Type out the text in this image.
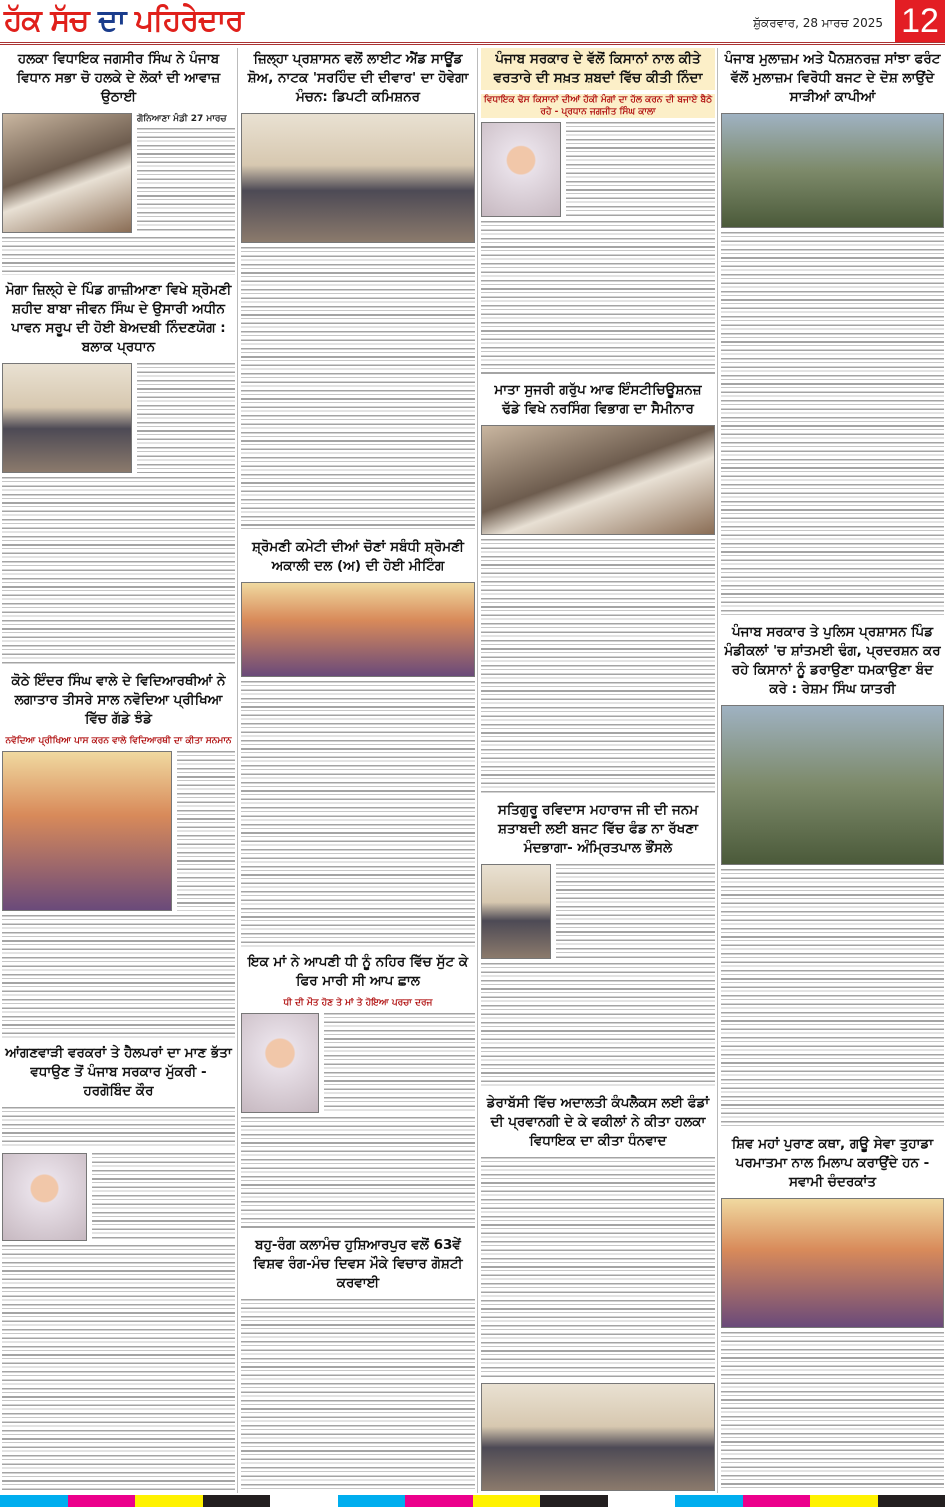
ਹੱਕ ਸੱਚ ਦਾ ਪਹਿਰੇਦਾਰ	ਸ਼ੁੱਕਰਵਾਰ, 28 ਮਾਰਚ 2025 12
ਹਲਕਾ ਵਿਧਾਇਕ ਜਗਸੀਰ ਸਿੰਘ ਨੇ ਪੰਜਾਬ ਵਿਧਾਨ ਸਭਾ ਚੋ ਹਲਕੇ ਦੇ ਲੋਕਾਂ ਦੀ ਆਵਾਜ਼ ਉਠਾਈ
ਗੋਨਿਆਣਾ ਮੰਡੀ 27 ਮਾਰਚ
ਮੋਗਾ ਜ਼ਿਲ੍ਹੇ ਦੇ ਪਿੰਡ ਗਾਜ਼ੀਆਣਾ ਵਿਖੇ ਸ਼੍ਰੋਮਣੀ ਸ਼ਹੀਦ ਬਾਬਾ ਜੀਵਨ ਸਿੰਘ ਦੇ ਉਸਾਰੀ ਅਧੀਨ ਪਾਵਨ ਸਰੂਪ ਦੀ ਹੋਈ ਬੇਅਦਬੀ ਨਿੰਦਣਯੋਗ : ਬਲਾਕ ਪ੍ਰਧਾਨ
ਕੋਠੇ ਇੰਦਰ ਸਿੰਘ ਵਾਲੇ ਦੇ ਵਿਦਿਆਰਥੀਆਂ ਨੇ ਲਗਾਤਾਰ ਤੀਸਰੇ ਸਾਲ ਨਵੋਦਿਆ ਪ੍ਰੀਖਿਆ ਵਿੱਚ ਗੱਡੇ ਝੰਡੇ
ਨਵੋਦਿਆ ਪ੍ਰੀਖਿਆ ਪਾਸ ਕਰਨ ਵਾਲੇ ਵਿਦਿਆਰਥੀ ਦਾ ਕੀਤਾ ਸਨਮਾਨ
ਆਂਗਣਵਾੜੀ ਵਰਕਰਾਂ ਤੇ ਹੈਲਪਰਾਂ ਦਾ ਮਾਣ ਭੱਤਾ ਵਧਾਉਣ ਤੋਂ ਪੰਜਾਬ ਸਰਕਾਰ ਮੁੱਕਰੀ - ਹਰਗੋਬਿੰਦ ਕੌਰ
ਜ਼ਿਲ੍ਹਾ ਪ੍ਰਸ਼ਾਸਨ ਵਲੋਂ ਲਾਈਟ ਐਂਡ ਸਾਊਂਡ ਸ਼ੋਅ, ਨਾਟਕ 'ਸਰਹਿੰਦ ਦੀ ਦੀਵਾਰ' ਦਾ ਹੋਵੇਗਾ ਮੰਚਨ: ਡਿਪਟੀ ਕਮਿਸ਼ਨਰ
ਸ਼੍ਰੋਮਣੀ ਕਮੇਟੀ ਦੀਆਂ ਚੋਣਾਂ ਸਬੰਧੀ ਸ਼੍ਰੋਮਣੀ ਅਕਾਲੀ ਦਲ (ਅ) ਦੀ ਹੋਈ ਮੀਟਿੰਗ
ਇਕ ਮਾਂ ਨੇ ਆਪਣੀ ਧੀ ਨੂੰ ਨਹਿਰ ਵਿੱਚ ਸੁੱਟ ਕੇ ਫਿਰ ਮਾਰੀ ਸੀ ਆਪ ਛਾਲ
ਧੀ ਦੀ ਮੌਤ ਹੋਣ ਤੇ ਮਾਂ ਤੇ ਹੋਇਆ ਪਰਚਾ ਦਰਜ
ਬਹੁ-ਰੰਗ ਕਲਾਮੰਚ ਹੁਸ਼ਿਆਰਪੁਰ ਵਲੋਂ 63ਵੇਂ ਵਿਸ਼ਵ ਰੰਗ-ਮੰਚ ਦਿਵਸ ਮੌਕੇ ਵਿਚਾਰ ਗੋਸ਼ਟੀ ਕਰਵਾਈ
ਪੰਜਾਬ ਸਰਕਾਰ ਦੇ ਵੱਲੋਂ ਕਿਸਾਨਾਂ ਨਾਲ ਕੀਤੇ ਵਰਤਾਰੇ ਦੀ ਸਖ਼ਤ ਸ਼ਬਦਾਂ ਵਿੱਚ ਕੀਤੀ ਨਿੰਦਾ
ਵਿਧਾਇਕ ਢੋਸ ਕਿਸਾਨਾਂ ਦੀਆਂ ਹੱਕੀ ਮੰਗਾਂ ਦਾ ਹੱਲ ਕਰਨ ਦੀ ਬਜਾਏ ਬੈਠੇ ਰਹੇ - ਪ੍ਰਧਾਨ ਜਗਜੀਤ ਸਿੰਘ ਕਾਲਾ
ਮਾਤਾ ਸੁਜਰੀ ਗਰੁੱਪ ਆਫ ਇੰਸਟੀਚਿਊਸ਼ਨਜ਼ ਢੱਡੇ ਵਿਖੇ ਨਰਸਿੰਗ ਵਿਭਾਗ ਦਾ ਸੈਮੀਨਾਰ
ਸਤਿਗੁਰੂ ਰਵਿਦਾਸ ਮਹਾਰਾਜ ਜੀ ਦੀ ਜਨਮ ਸ਼ਤਾਬਦੀ ਲਈ ਬਜਟ ਵਿੱਚ ਫੰਡ ਨਾ ਰੱਖਣਾ ਮੰਦਭਾਗਾ- ਅੰਮ੍ਰਿਤਪਾਲ ਭੌਂਸਲੇ
ਡੇਰਾਬੱਸੀ ਵਿੱਚ ਅਦਾਲਤੀ ਕੰਪਲੈਕਸ ਲਈ ਫੰਡਾਂ ਦੀ ਪ੍ਰਵਾਨਗੀ ਦੇ ਕੇ ਵਕੀਲਾਂ ਨੇ ਕੀਤਾ ਹਲਕਾ ਵਿਧਾਇਕ ਦਾ ਕੀਤਾ ਧੰਨਵਾਦ
ਪੰਜਾਬ ਮੁਲਾਜ਼ਮ ਅਤੇ ਪੈਨਸ਼ਨਰਜ਼ ਸਾਂਝਾ ਫਰੰਟ ਵੱਲੋਂ ਮੁਲਾਜ਼ਮ ਵਿਰੋਧੀ ਬਜਟ ਦੇ ਦੋਸ਼ ਲਾਉਂਦੇ ਸਾੜੀਆਂ ਕਾਪੀਆਂ
ਪੰਜਾਬ ਸਰਕਾਰ ਤੇ ਪੁਲਿਸ ਪ੍ਰਸ਼ਾਸਨ ਪਿੰਡ ਮੰਡੀਕਲਾਂ 'ਚ ਸ਼ਾਂਤਮਈ ਢੰਗ, ਪ੍ਰਦਰਸ਼ਨ ਕਰ ਰਹੇ ਕਿਸਾਨਾਂ ਨੂੰ ਡਰਾਉਣਾ ਧਮਕਾਉਣਾ ਬੰਦ ਕਰੇ : ਰੇਸ਼ਮ ਸਿੰਘ ਯਾਤਰੀ
ਸ਼ਿਵ ਮਹਾਂ ਪੁਰਾਣ ਕਥਾ, ਗਊ ਸੇਵਾ ਤੁਹਾਡਾ ਪਰਮਾਤਮਾ ਨਾਲ ਮਿਲਾਪ ਕਰਾਉਂਦੇ ਹਨ - ਸਵਾਮੀ ਚੰਦਰਕਾਂਤ
